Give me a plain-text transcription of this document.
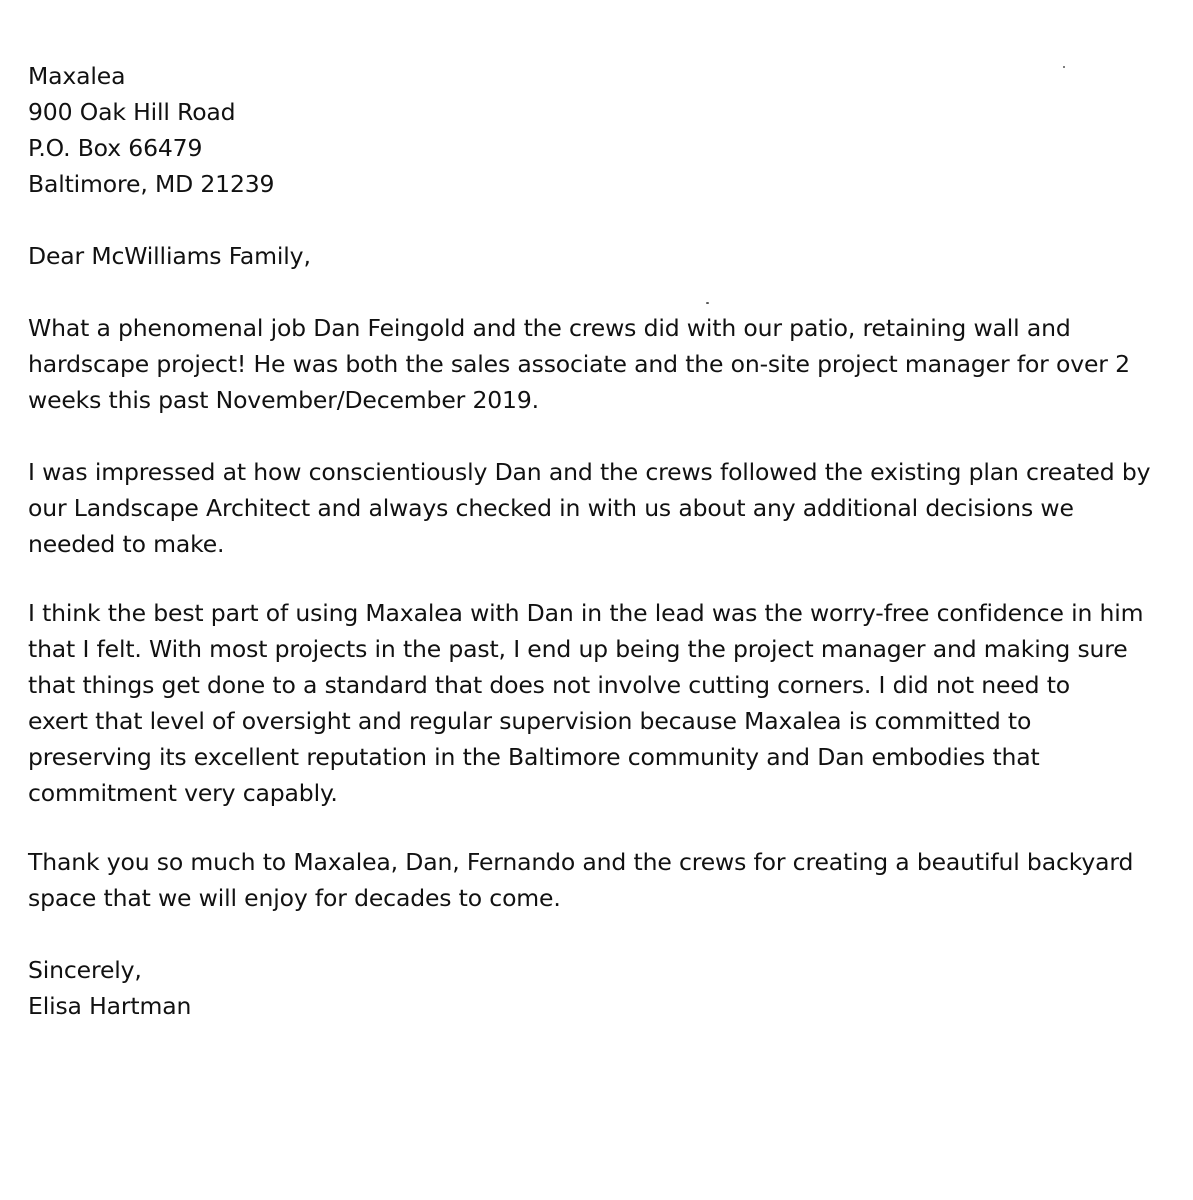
Maxalea
900 Oak Hill Road
P.O. Box 66479
Baltimore, MD 21239
Dear McWilliams Family,
What a phenomenal job Dan Feingold and the crews did with our patio, retaining wall and
hardscape project! He was both the sales associate and the on-site project manager for over 2
weeks this past November/December 2019.
I was impressed at how conscientiously Dan and the crews followed the existing plan created by
our Landscape Architect and always checked in with us about any additional decisions we
needed to make.
I think the best part of using Maxalea with Dan in the lead was the worry-free confidence in him
that I felt. With most projects in the past, I end up being the project manager and making sure
that things get done to a standard that does not involve cutting corners. I did not need to
exert that level of oversight and regular supervision because Maxalea is committed to
preserving its excellent reputation in the Baltimore community and Dan embodies that
commitment very capably.
Thank you so much to Maxalea, Dan, Fernando and the crews for creating a beautiful backyard
space that we will enjoy for decades to come.
Sincerely,
Elisa Hartman
